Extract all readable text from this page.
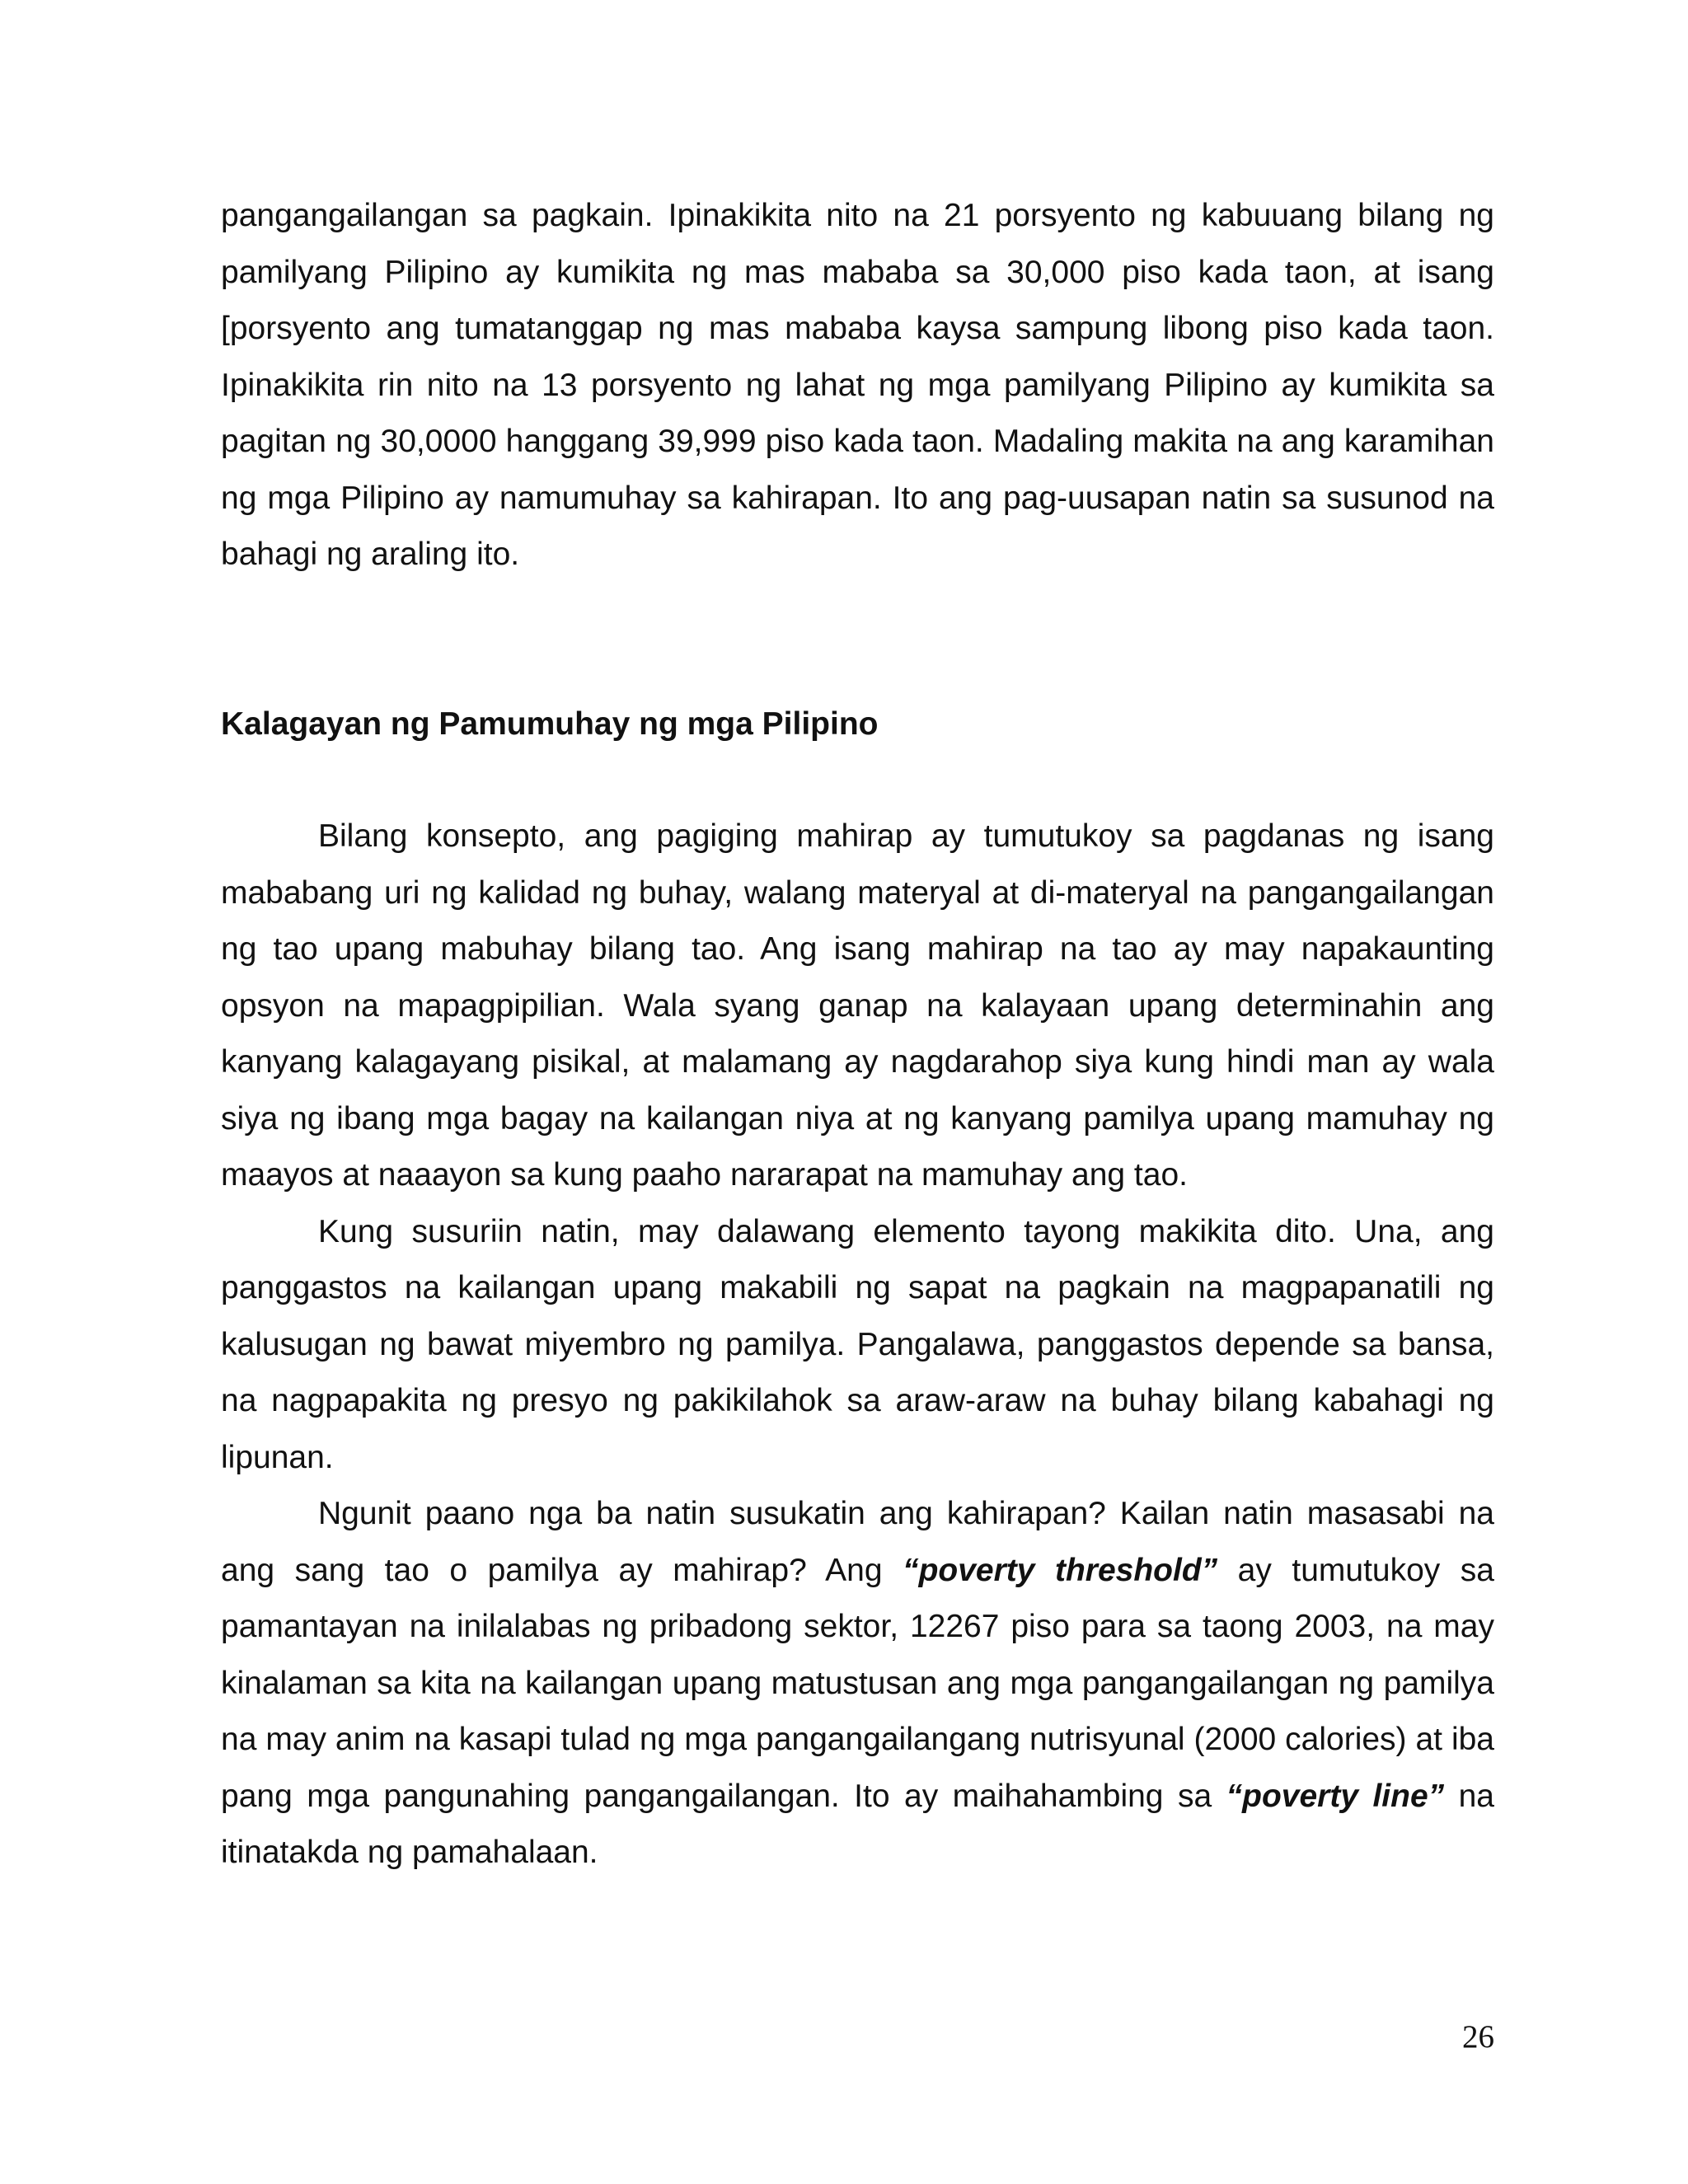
pangangailangan sa pagkain. Ipinakikita nito na 21 porsyento ng kabuuang bilang ng pamilyang Pilipino ay kumikita ng mas mababa sa 30,000 piso kada taon, at isang [porsyento ang tumatanggap ng mas mababa kaysa sampung libong piso kada taon. Ipinakikita rin nito na 13 porsyento ng lahat ng mga pamilyang Pilipino ay kumikita sa pagitan ng 30,0000 hanggang 39,999 piso kada taon. Madaling makita na ang karamihan ng mga Pilipino ay namumuhay sa kahirapan. Ito ang pag-uusapan natin sa susunod na bahagi ng araling ito.

Kalagayan ng Pamumuhay ng mga Pilipino

Bilang konsepto, ang pagiging mahirap ay tumutukoy sa pagdanas ng isang mababang uri ng kalidad ng buhay, walang materyal at di-materyal na pangangailangan ng tao upang mabuhay bilang tao. Ang isang mahirap na tao ay may napakaunting opsyon na mapagpipilian. Wala syang ganap na kalayaan upang determinahin ang kanyang kalagayang pisikal, at malamang ay nagdarahop siya kung hindi man ay wala siya ng ibang mga bagay na kailangan niya at ng kanyang pamilya upang mamuhay ng maayos at naaayon sa kung paaho nararapat na mamuhay ang tao.

Kung susuriin natin, may dalawang elemento tayong makikita dito. Una, ang panggastos na kailangan upang makabili ng sapat na pagkain na magpapanatili ng kalusugan ng bawat miyembro ng pamilya. Pangalawa, panggastos depende sa bansa, na nagpapakita ng presyo ng pakikilahok sa araw-araw na buhay bilang kabahagi ng lipunan.

Ngunit paano nga ba natin susukatin ang kahirapan? Kailan natin masasabi na ang sang tao o pamilya ay mahirap? Ang “poverty threshold” ay tumutukoy sa pamantayan na inilalabas ng pribadong sektor, 12267 piso para sa taong 2003, na may kinalaman sa kita na kailangan upang matustusan ang mga pangangailangan ng pamilya na may anim na kasapi tulad ng mga pangangailangang nutrisyunal (2000 calories) at iba pang mga pangunahing pangangailangan. Ito ay maihahambing sa “poverty line” na itinatakda ng pamahalaan.

26
